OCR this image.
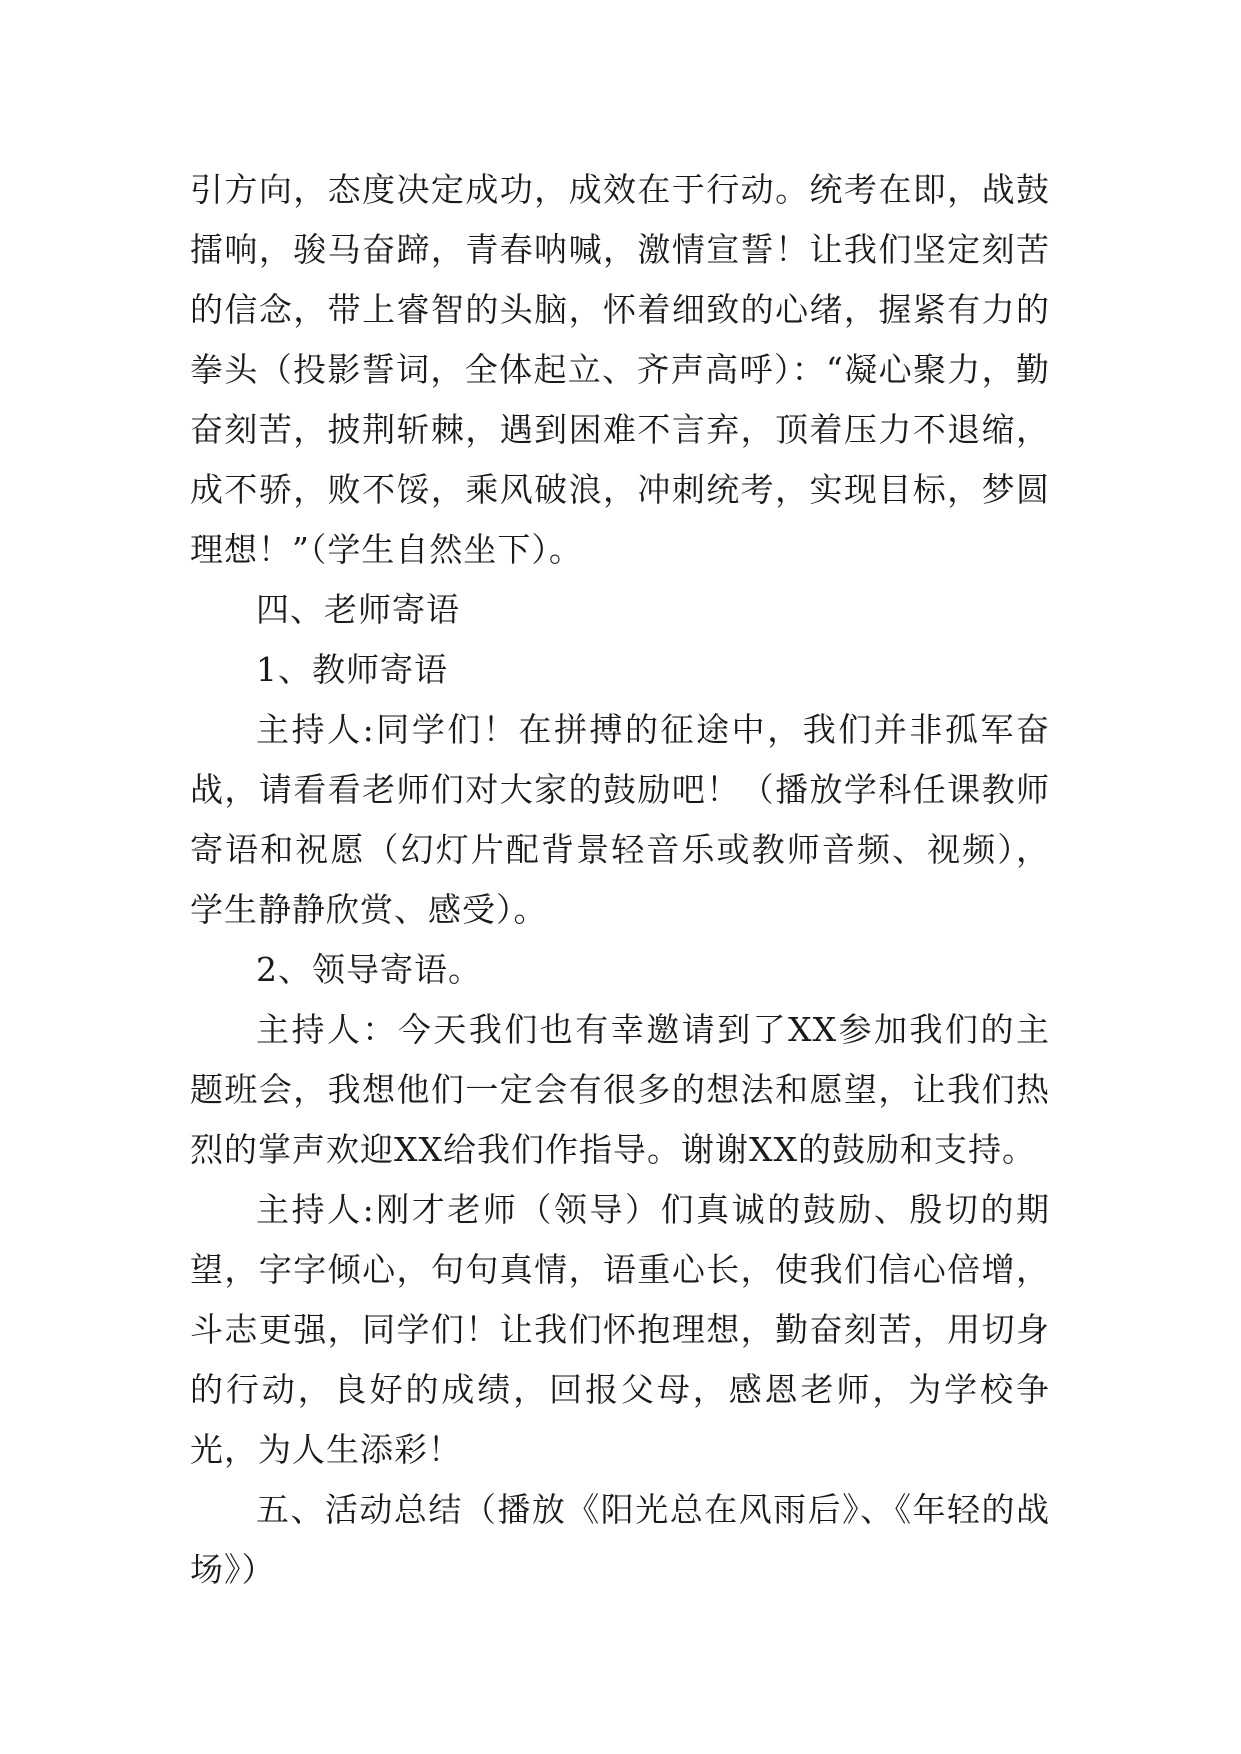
引方向，态度决定成功，成效在于行动。统考在即，战鼓擂响，骏马奋蹄，青春呐喊，激情宣誓！让我们坚定刻苦的信念，带上睿智的头脑，怀着细致的心绪，握紧有力的拳头（投影誓词，全体起立、齐声高呼）：“凝心聚力，勤奋刻苦，披荆斩棘，遇到困难不言弃，顶着压力不退缩，成不骄，败不馁，乘风破浪，冲刺统考，实现目标，梦圆理想！”（学生自然坐下）。

四、老师寄语

1、教师寄语

主持人:同学们！在拼搏的征途中，我们并非孤军奋战，请看看老师们对大家的鼓励吧！（播放学科任课教师寄语和祝愿（幻灯片配背景轻音乐或教师音频、视频），学生静静欣赏、感受）。

2、领导寄语。

主持人：今天我们也有幸邀请到了XX参加我们的主题班会，我想他们一定会有很多的想法和愿望，让我们热烈的掌声欢迎XX给我们作指导。谢谢XX的鼓励和支持。

主持人:刚才老师（领导）们真诚的鼓励、殷切的期望，字字倾心，句句真情，语重心长，使我们信心倍增，斗志更强，同学们！让我们怀抱理想，勤奋刻苦，用切身的行动，良好的成绩，回报父母，感恩老师，为学校争光，为人生添彩！

五、活动总结（播放《阳光总在风雨后》、《年轻的战场》）
